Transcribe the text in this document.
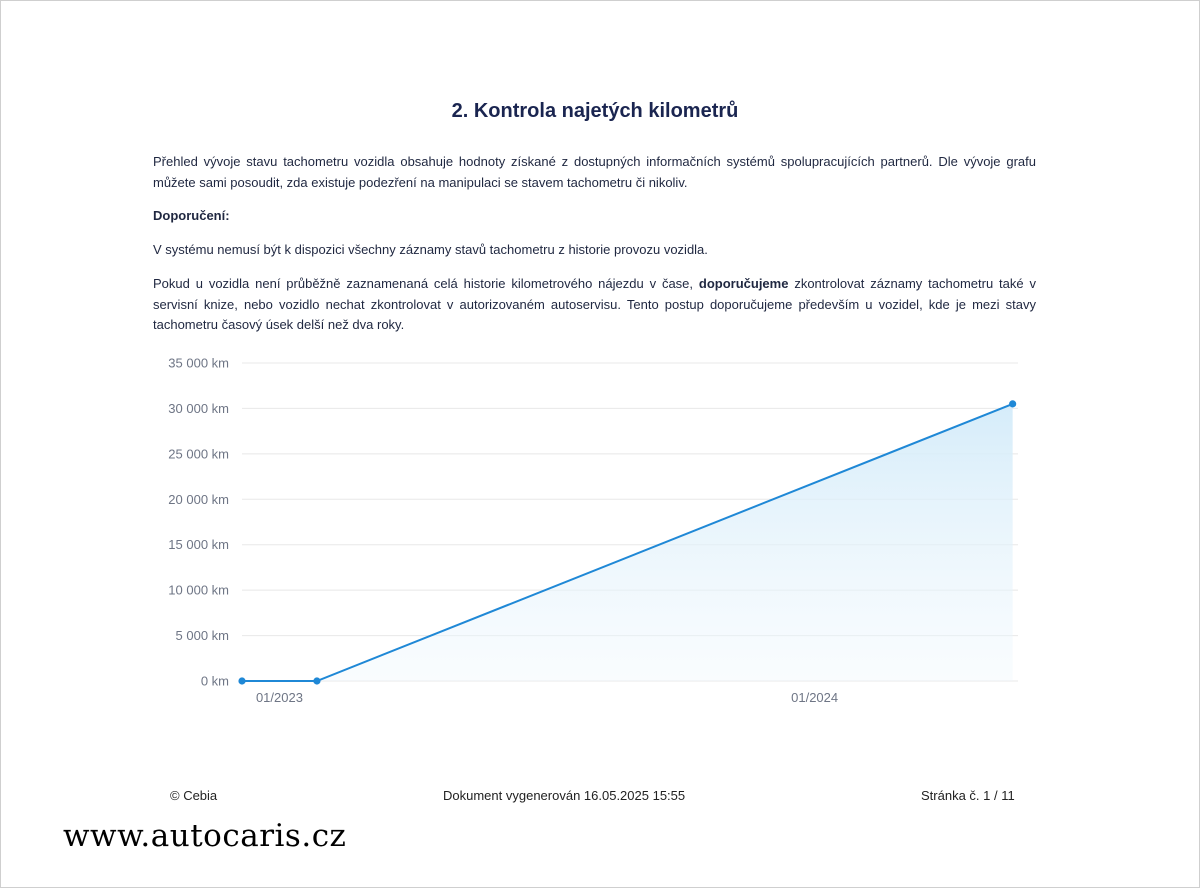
2. Kontrola najetých kilometrů

Přehled vývoje stavu tachometru vozidla obsahuje hodnoty získané z dostupných informačních systémů spolupracujících partnerů. Dle vývoje grafu můžete sami posoudit, zda existuje podezření na manipulaci se stavem tachometru či nikoliv.

Doporučení:

V systému nemusí být k dispozici všechny záznamy stavů tachometru z historie provozu vozidla.

Pokud u vozidla není průběžně zaznamenaná celá historie kilometrového nájezdu v čase, doporučujeme zkontrolovat záznamy tachometru také v servisní knize, nebo vozidlo nechat zkontrolovat v autorizovaném autoservisu. Tento postup doporučujeme především u vozidel, kde je mezi stavy tachometru časový úsek delší než dva roky.

0 km
5 000 km
10 000 km
15 000 km
20 000 km
25 000 km
30 000 km
35 000 km
01/2023	01/2024
© Cebia	Dokument vygenerován 16.05.2025 15:55	Stránka č. 1 / 11
www.autocaris.cz
